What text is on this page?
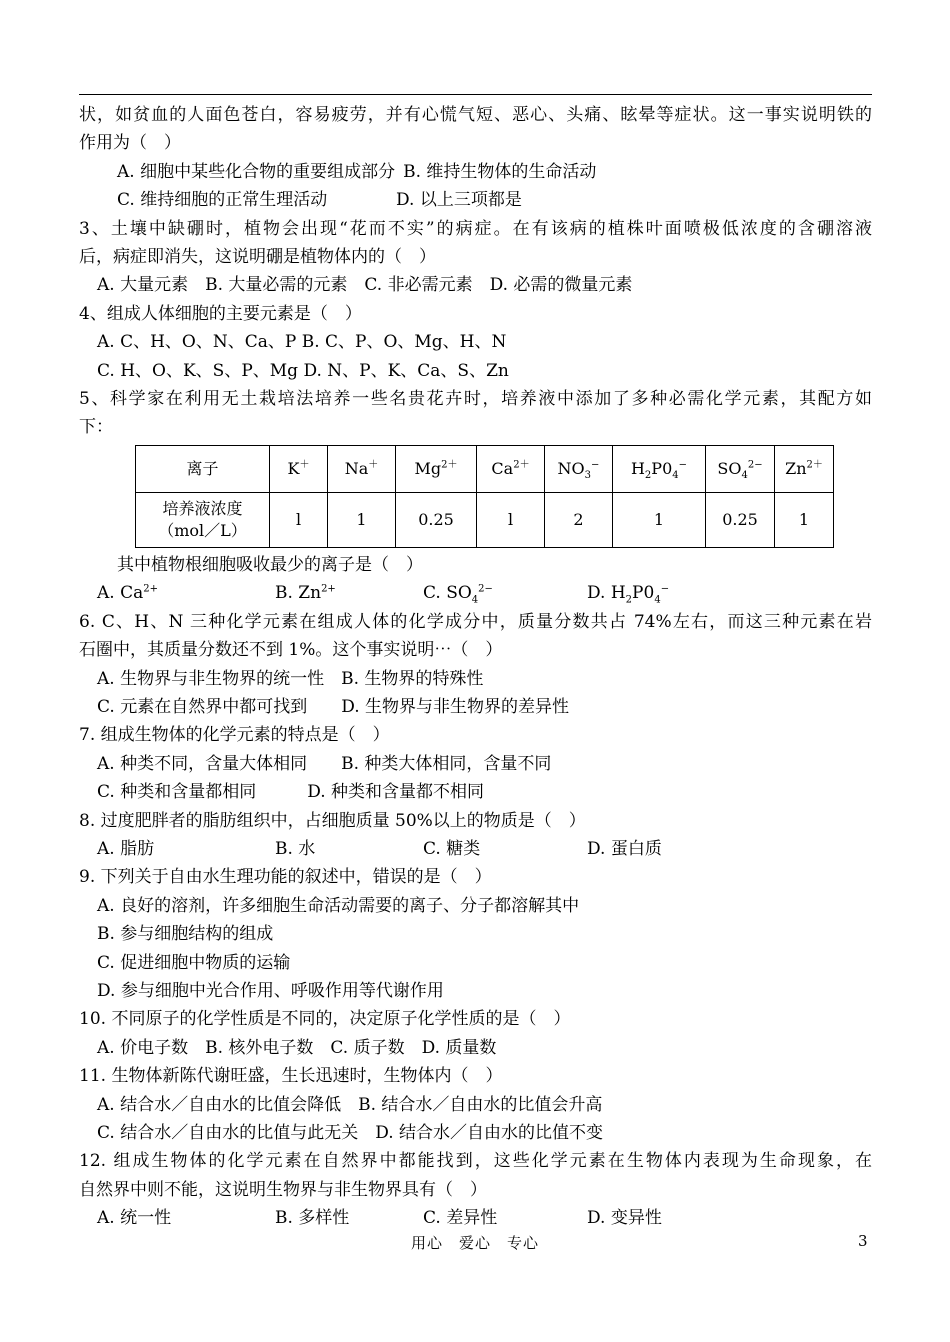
状，如贫血的人面色苍白，容易疲劳，并有心慌气短、恶心、头痛、眩晕等症状。这一事实说明铁的
作用为（　）
A. 细胞中某些化合物的重要组成部分 B. 维持生物体的生命活动
C. 维持细胞的正常生理活动	D. 以上三项都是
3、土壤中缺硼时，植物会出现“花而不实”的病症。在有该病的植株叶面喷极低浓度的含硼溶液
后，病症即消失，这说明硼是植物体内的（　）
A. 大量元素　B. 大量必需的元素　C. 非必需元素　D. 必需的微量元素
4、组成人体细胞的主要元素是（　）
A. C、H、O、N、Ca、P B. C、P、O、Mg、H、N
C. H、O、K、S、P、Mg D. N、P、K、Ca、S、Zn
5、科学家在利用无土栽培法培养一些名贵花卉时，培养液中添加了多种必需化学元素，其配方如
下：
离子	K＋	Na＋	$Mg^{2+}$	$Ca^{2+}$	$NO_3^-$	$H_2P0_4^-$	$SO_4^{2-}$	$Zn^{2+}$

培养液浓度
（mol／L）	l	1	0.25	l	2	1	0.25	1
其中植物根细胞吸收最少的离子是（　）
A. $Ca^{2+}$	B. $Zn^{2+}$	C. $SO_4^{2-}$	D. $H_2P0_4^-$
6. C、H、N 三种化学元素在组成人体的化学成分中，质量分数共占 74%左右，而这三种元素在岩
石圈中，其质量分数还不到 1%。这个事实说明⋯（　）
A. 生物界与非生物界的统一性　B. 生物界的特殊性
C. 元素在自然界中都可找到　　D. 生物界与非生物界的差异性
7. 组成生物体的化学元素的特点是（　）
A. 种类不同，含量大体相同　　B. 种类大体相同，含量不同
C. 种类和含量都相同　　　D. 种类和含量都不相同
8. 过度肥胖者的脂肪组织中，占细胞质量 50%以上的物质是（　）
A. 脂肪	B. 水	C. 糖类	D. 蛋白质
9. 下列关于自由水生理功能的叙述中，错误的是（　）
A. 良好的溶剂，许多细胞生命活动需要的离子、分子都溶解其中
B. 参与细胞结构的组成
C. 促进细胞中物质的运输
D. 参与细胞中光合作用、呼吸作用等代谢作用
10. 不同原子的化学性质是不同的，决定原子化学性质的是（　）
A. 价电子数　B. 核外电子数　C. 质子数　D. 质量数
11. 生物体新陈代谢旺盛，生长迅速时，生物体内（　）
A. 结合水／自由水的比值会降低　B. 结合水／自由水的比值会升高
C. 结合水／自由水的比值与此无关　D. 结合水／自由水的比值不变
12. 组成生物体的化学元素在自然界中都能找到，这些化学元素在生物体内表现为生命现象，在
自然界中则不能，这说明生物界与非生物界具有（　）
A. 统一性	B. 多样性	C. 差异性	D. 变异性
用心　爱心　专心	3
